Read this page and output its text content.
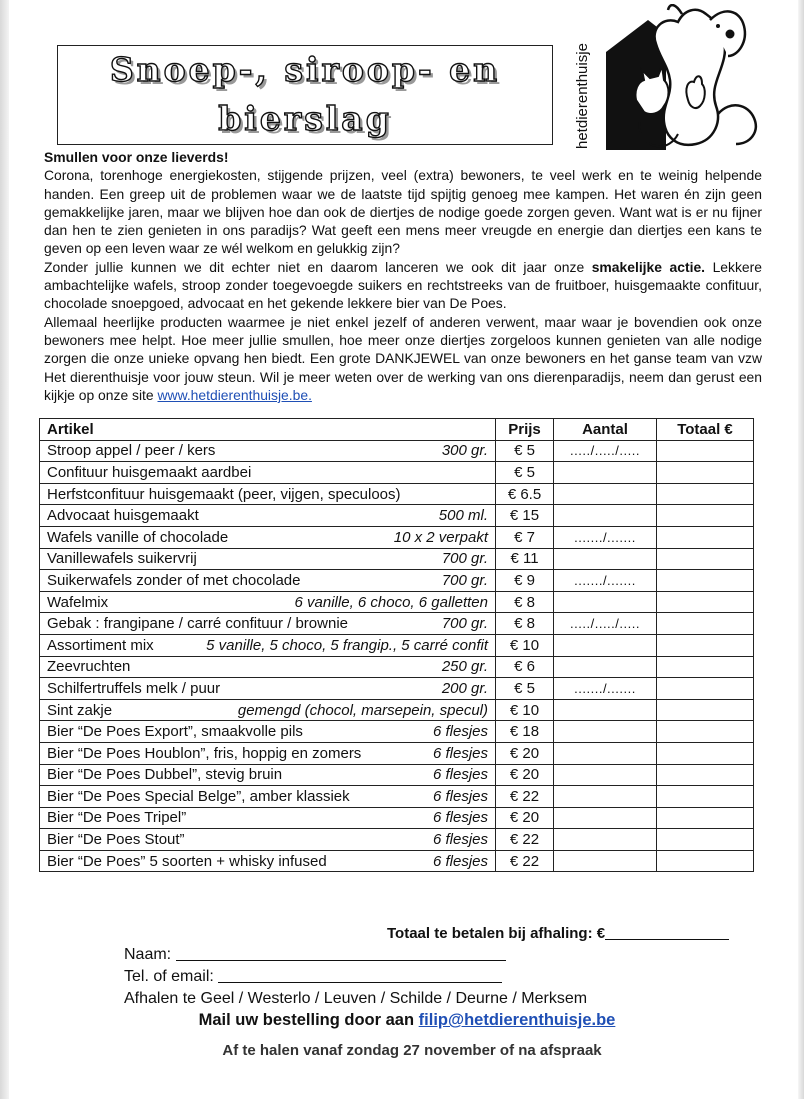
Snoep-, siroop- en
bierslag	hetdierenthuisje

Smullen voor onze lieverds!

Corona, torenhoge energiekosten, stijgende prijzen, veel (extra) bewoners, te veel werk en te weinig helpende handen. Een greep uit de problemen waar we de laatste tijd spijtig genoeg mee kampen. Het waren én zijn geen gemakkelijke jaren, maar we blijven hoe dan ook de diertjes de nodige goede zorgen geven. Want wat is er nu fijner dan hen te zien genieten in ons paradijs? Wat geeft een mens meer vreugde en energie dan diertjes een kans te geven op een leven waar ze wél welkom en gelukkig zijn?

Zonder jullie kunnen we dit echter niet en daarom lanceren we ook dit jaar onze smakelijke actie. Lekkere ambachtelijke wafels, stroop zonder toegevoegde suikers en rechtstreeks van de fruitboer, huisgemaakte confituur, chocolade snoepgoed, advocaat en het gekende lekkere bier van De Poes.

Allemaal heerlijke producten waarmee je niet enkel jezelf of anderen verwent, maar waar je bovendien ook onze bewoners mee helpt. Hoe meer jullie smullen, hoe meer onze diertjes zorgeloos kunnen genieten van alle nodige zorgen die onze unieke opvang hen biedt. Een grote DANKJEWEL van onze bewoners en het ganse team van vzw Het dierenthuisje voor jouw steun. Wil je meer weten over de werking van ons dierenparadijs, neem dan gerust een kijkje op onze site www.hetdierenthuisje.be.

Artikel	Prijs	Aantal	Totaal €

Stroop appel / peer / kers 300 gr.	€ 5	...../...../.....	

Confituur huisgemaakt aardbei	€ 5		

Herfstconfituur huisgemaakt (peer, vijgen, speculoos)	€ 6.5		

Advocaat huisgemaakt 500 ml.	€ 15		

Wafels vanille of chocolade 10 x 2 verpakt	€ 7	......./.......	

Vanillewafels suikervrij 700 gr.	€ 11		

Suikerwafels zonder of met chocolade 700 gr.	€ 9	......./.......	

Wafelmix 6 vanille, 6 choco, 6 galletten	€ 8		

Gebak : frangipane / carré confituur / brownie 700 gr.	€ 8	...../...../.....	

Assortiment mix 5 vanille, 5 choco, 5 frangip., 5 carré confit	€ 10		

Zeevruchten 250 gr.	€ 6		

Schilfertruffels melk / puur 200 gr.	€ 5	......./.......	

Sint zakje gemengd (chocol, marsepein, specul)	€ 10		

Bier “De Poes Export”, smaakvolle pils 6 flesjes	€ 18		

Bier “De Poes Houblon”, fris, hoppig en zomers 6 flesjes	€ 20		

Bier “De Poes Dubbel”, stevig bruin 6 flesjes	€ 20		

Bier “De Poes Special Belge”, amber klassiek 6 flesjes	€ 22		

Bier “De Poes Tripel” 6 flesjes	€ 20		

Bier “De Poes Stout” 6 flesjes	€ 22		

Bier “De Poes” 5 soorten + whisky infused 6 flesjes	€ 22		
Totaal te betalen bij afhaling: €
Naam:
Tel. of email:
Afhalen te Geel / Westerlo / Leuven / Schilde / Deurne / Merksem
Mail uw bestelling door aan filip@hetdierenthuisje.be
Af te halen vanaf zondag 27 november of na afspraak
